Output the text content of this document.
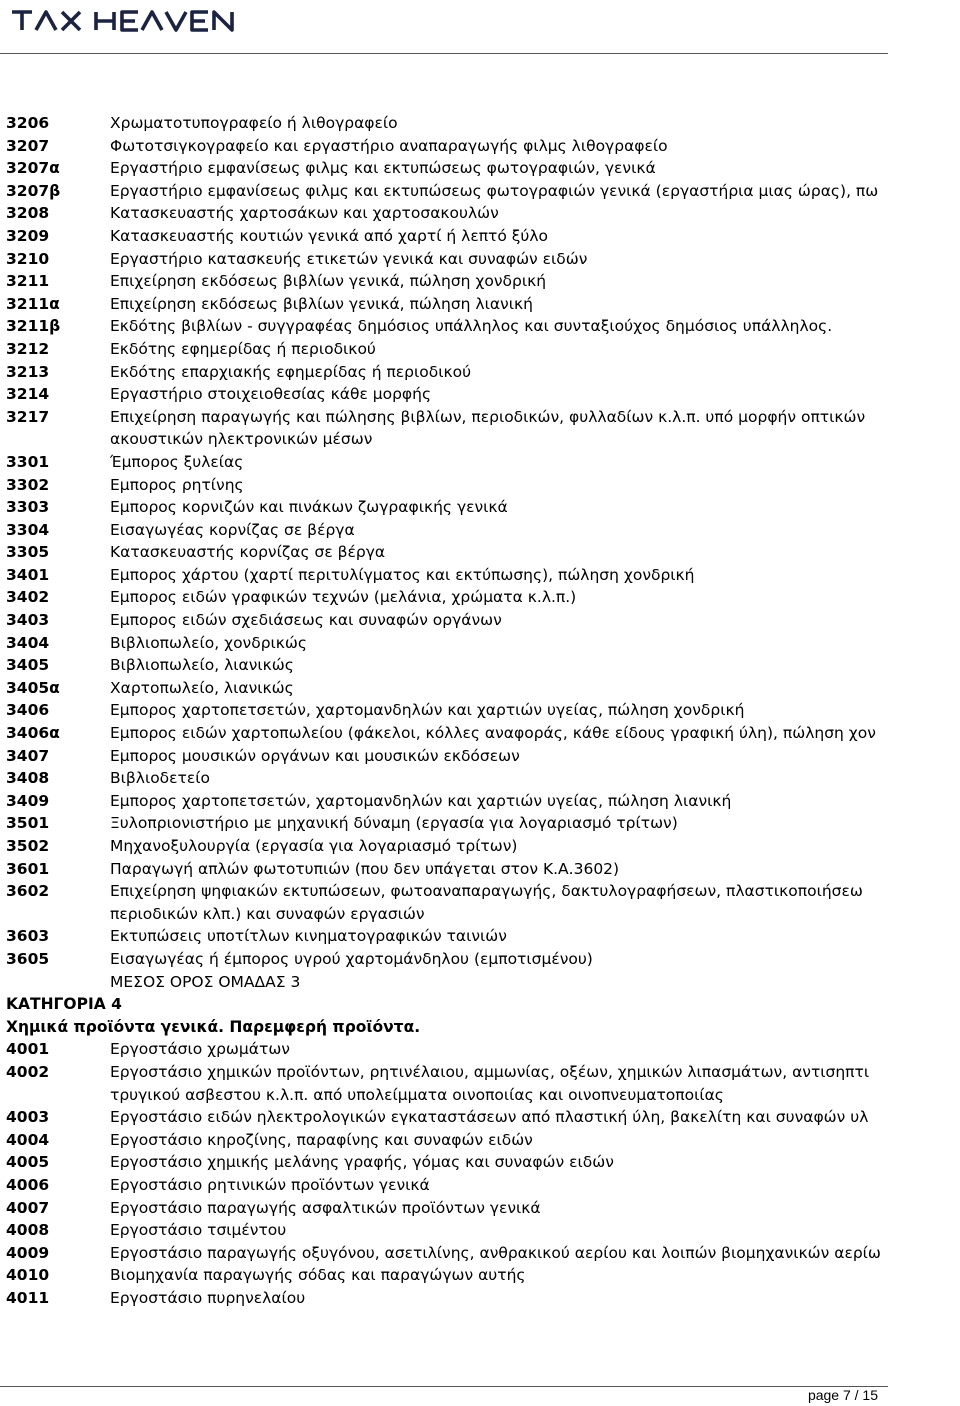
3206	Χρωματοτυπογραφείο ή λιθογραφείο
3207	Φωτοτσιγκογραφείο και εργαστήριο αναπαραγωγής φιλμς λιθογραφείο
3207α	Εργαστήριο εμφανίσεως φιλμς και εκτυπώσεως φωτογραφιών, γενικά
3207β	Εργαστήριο εμφανίσεως φιλμς και εκτυπώσεως φωτογραφιών γενικά (εργαστήρια μιας ώρας), πω
3208	Κατασκευαστής χαρτοσάκων και χαρτοσακουλών
3209	Κατασκευαστής κουτιών γενικά από χαρτί ή λεπτό ξύλο
3210	Εργαστήριο κατασκευής ετικετών γενικά και συναφών ειδών
3211	Επιχείρηση εκδόσεως βιβλίων γενικά, πώληση χονδρική
3211α	Επιχείρηση εκδόσεως βιβλίων γενικά, πώληση λιανική
3211β	Εκδότης βιβλίων - συγγραφέας δημόσιος υπάλληλος και συνταξιούχος δημόσιος υπάλληλος.
3212	Εκδότης εφημερίδας ή περιοδικού
3213	Εκδότης επαρχιακής εφημερίδας ή περιοδικού
3214	Εργαστήριο στοιχειοθεσίας κάθε μορφής
3217	Επιχείρηση παραγωγής και πώλησης βιβλίων, περιοδικών, φυλλαδίων κ.λ.π. υπό μορφήν οπτικών
ακουστικών ηλεκτρονικών μέσων
3301	Έμπορος ξυλείας
3302	Εμπορος ρητίνης
3303	Εμπορος κορνιζών και πινάκων ζωγραφικής γενικά
3304	Εισαγωγέας κορνίζας σε βέργα
3305	Κατασκευαστής κορνίζας σε βέργα
3401	Εμπορος χάρτου (χαρτί περιτυλίγματος και εκτύπωσης), πώληση χονδρική
3402	Εμπορος ειδών γραφικών τεχνών (μελάνια, χρώματα κ.λ.π.)
3403	Εμπορος ειδών σχεδιάσεως και συναφών οργάνων
3404	Βιβλιοπωλείο, χονδρικώς
3405	Βιβλιοπωλείο, λιανικώς
3405α	Χαρτοπωλείο, λιανικώς
3406	Εμπορος χαρτοπετσετών, χαρτομανδηλών και χαρτιών υγείας, πώληση χονδρική
3406α	Εμπορος ειδών χαρτοπωλείου (φάκελοι, κόλλες αναφοράς, κάθε είδους γραφική ύλη), πώληση χον
3407	Εμπορος μουσικών οργάνων και μουσικών εκδόσεων
3408	Βιβλιοδετείο
3409	Εμπορος χαρτοπετσετών, χαρτομανδηλών και χαρτιών υγείας, πώληση λιανική
3501	Ξυλοπριονιστήριο με μηχανική δύναμη (εργασία για λογαριασμό τρίτων)
3502	Μηχανοξυλουργία (εργασία για λογαριασμό τρίτων)
3601	Παραγωγή απλών φωτοτυπιών (που δεν υπάγεται στον Κ.Α.3602)
3602	Επιχείρηση ψηφιακών εκτυπώσεων, φωτοαναπαραγωγής, δακτυλογραφήσεων, πλαστικοποιήσεω
περιοδικών κλπ.) και συναφών εργασιών
3603	Εκτυπώσεις υποτίτλων κινηματογραφικών ταινιών
3605	Εισαγωγέας ή έμπορος υγρού χαρτομάνδηλου (εμποτισμένου)
ΜΕΣΟΣ ΟΡΟΣ ΟΜΑΔΑΣ 3
ΚΑΤΗΓΟΡΙΑ 4
Χημικά προϊόντα γενικά. Παρεμφερή προϊόντα.
4001	Εργοστάσιο χρωμάτων
4002	Εργοστάσιο χημικών προϊόντων, ρητινέλαιου, αμμωνίας, οξέων, χημικών λιπασμάτων, αντισηπτι
τρυγικού ασβεστου κ.λ.π. από υπολείμματα οινοποιίας και οινοπνευματοποιίας
4003	Εργοστάσιο ειδών ηλεκτρολογικών εγκαταστάσεων από πλαστική ύλη, βακελίτη και συναφών υλ
4004	Εργοστάσιο κηροζίνης, παραφίνης και συναφών ειδών
4005	Εργοστάσιο χημικής μελάνης γραφής, γόμας και συναφών ειδών
4006	Εργοστάσιο ρητινικών προϊόντων γενικά
4007	Εργοστάσιο παραγωγής ασφαλτικών προϊόντων γενικά
4008	Εργοστάσιο τσιμέντου
4009	Εργοστάσιο παραγωγής οξυγόνου, ασετιλίνης, ανθρακικού αερίου και λοιπών βιομηχανικών αερίω
4010	Βιομηχανία παραγωγής σόδας και παραγώγων αυτής
4011	Εργοστάσιο πυρηνελαίου
page 7 / 15
